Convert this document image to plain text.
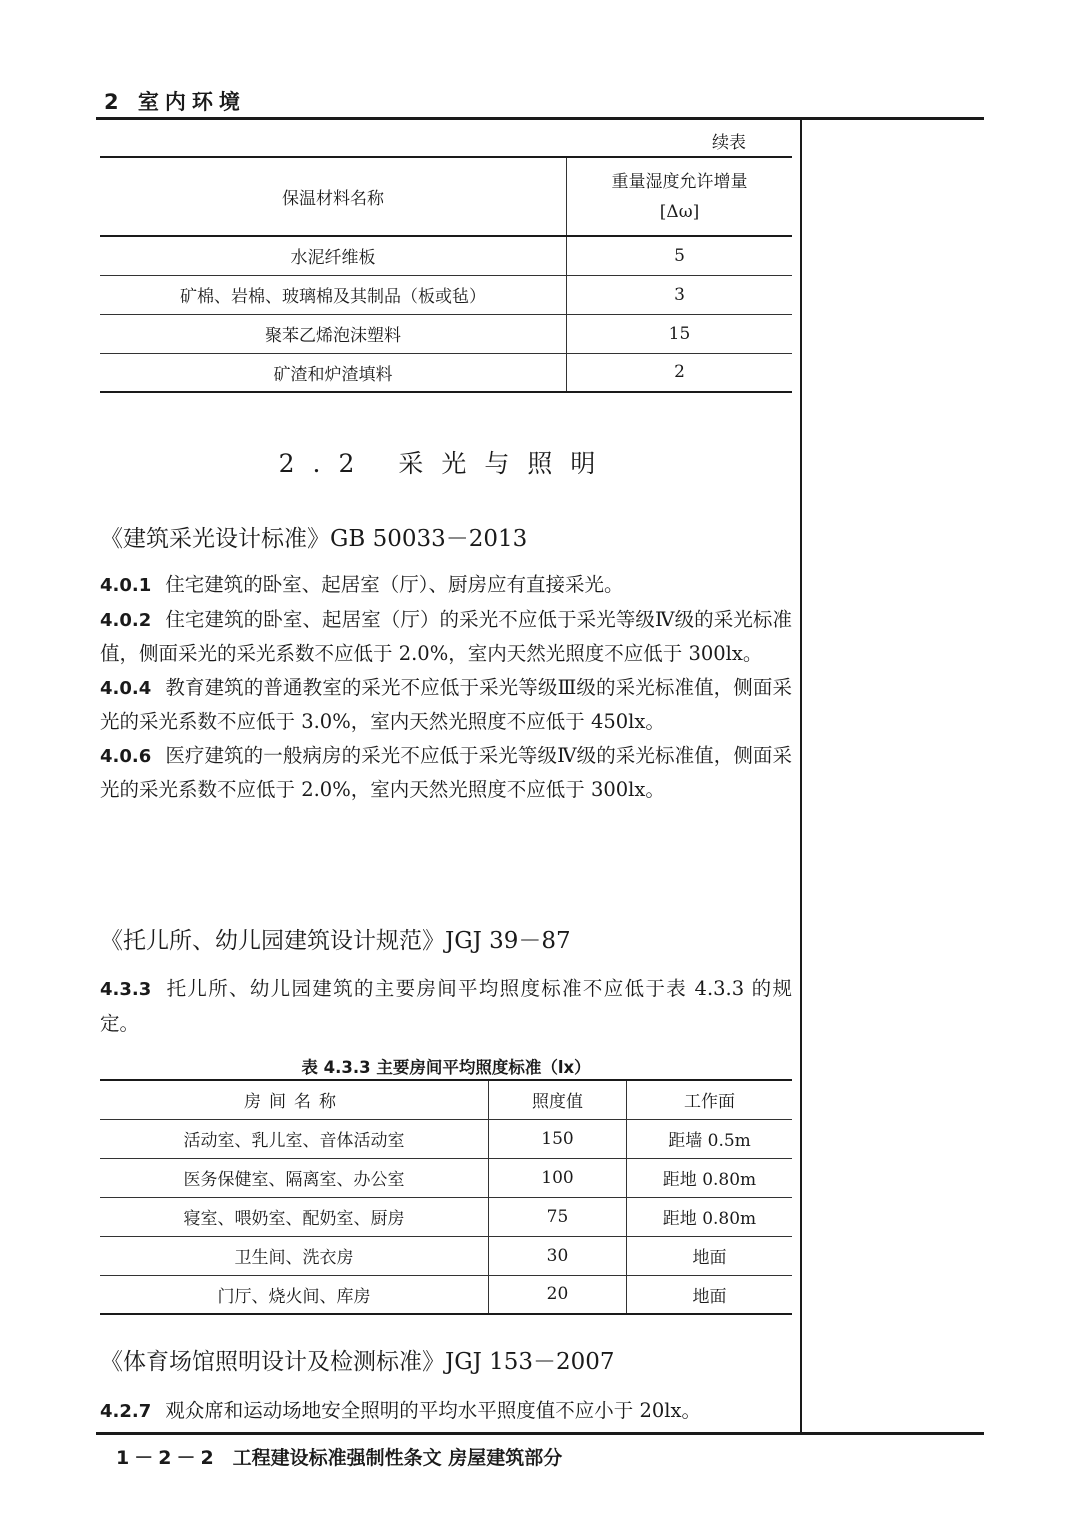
2 室内环境
续表
保温材料名称	重量湿度允许增量
[Δω]

水泥纤维板	5
矿棉、岩棉、玻璃棉及其制品（板或毡）	3
聚苯乙烯泡沫塑料	15
矿渣和炉渣填料	2
2.2 采光与照明
《建筑采光设计标准》GB 50033－2013
4.0.1 住宅建筑的卧室、起居室（厅）、厨房应有直接采光。
4.0.2 住宅建筑的卧室、起居室（厅）的采光不应低于采光等级Ⅳ级的采光标准值，侧面采光的采光系数不应低于 2.0%，室内天然光照度不应低于 300lx。
4.0.4 教育建筑的普通教室的采光不应低于采光等级Ⅲ级的采光标准值，侧面采光的采光系数不应低于 3.0%，室内天然光照度不应低于 450lx。
4.0.6 医疗建筑的一般病房的采光不应低于采光等级Ⅳ级的采光标准值，侧面采光的采光系数不应低于 2.0%，室内天然光照度不应低于 300lx。
《托儿所、幼儿园建筑设计规范》JGJ 39－87
4.3.3 托儿所、幼儿园建筑的主要房间平均照度标准不应低于表 4.3.3 的规定。
表 4.3.3 主要房间平均照度标准（lx）
房间名称	照度值	工作面
活动室、乳儿室、音体活动室	150	距墙 0.5m
医务保健室、隔离室、办公室	100	距地 0.80m
寝室、喂奶室、配奶室、厨房	75	距地 0.80m
卫生间、洗衣房	30	地面
门厅、烧火间、库房	20	地面
《体育场馆照明设计及检测标准》JGJ 153－2007
4.2.7 观众席和运动场地安全照明的平均水平照度值不应小于 20lx。
1－2－2 工程建设标准强制性条文 房屋建筑部分
